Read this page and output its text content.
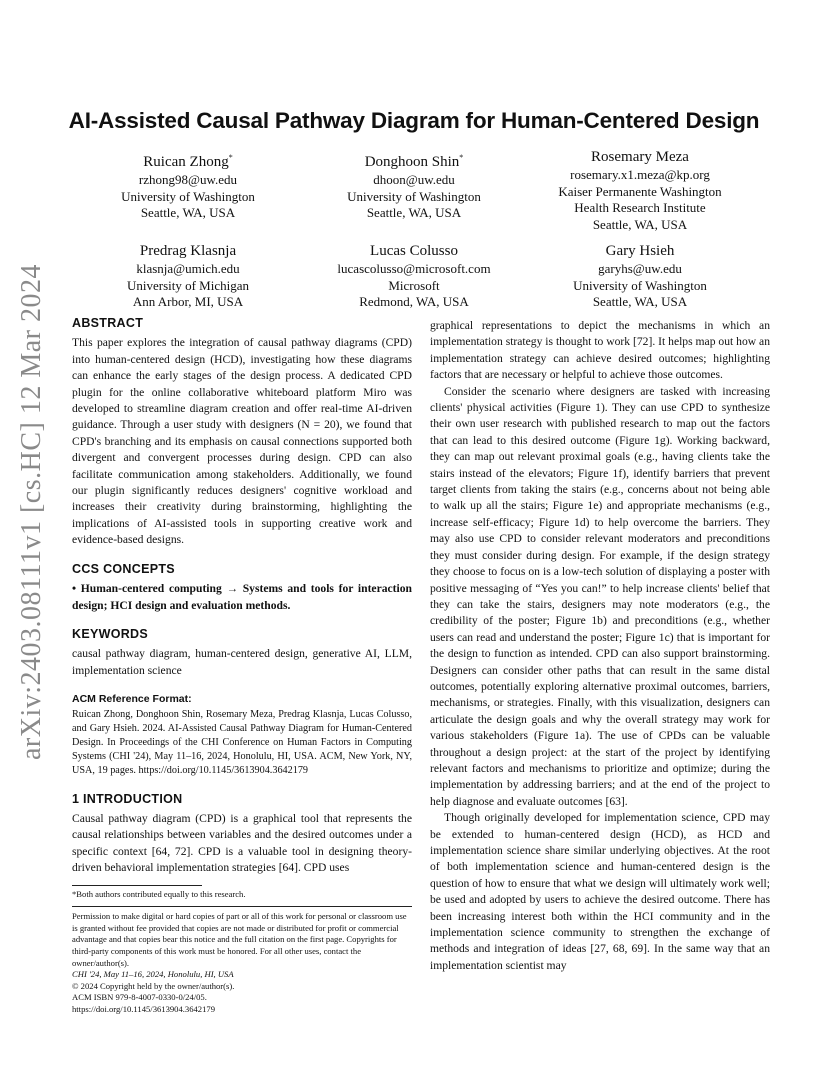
arXiv:2403.08111v1 [cs.HC] 12 Mar 2024
AI-Assisted Causal Pathway Diagram for Human-Centered Design
Ruican Zhong*
rzhong98@uw.edu
University of Washington
Seattle, WA, USA
Donghoon Shin*
dhoon@uw.edu
University of Washington
Seattle, WA, USA
Rosemary Meza
rosemary.x1.meza@kp.org
Kaiser Permanente Washington
Health Research Institute
Seattle, WA, USA
Predrag Klasnja
klasnja@umich.edu
University of Michigan
Ann Arbor, MI, USA
Lucas Colusso
lucascolusso@microsoft.com
Microsoft
Redmond, WA, USA
Gary Hsieh
garyhs@uw.edu
University of Washington
Seattle, WA, USA
ABSTRACT

This paper explores the integration of causal pathway diagrams (CPD) into human-centered design (HCD), investigating how these diagrams can enhance the early stages of the design process. A dedicated CPD plugin for the online collaborative whiteboard platform Miro was developed to streamline diagram creation and offer real-time AI-driven guidance. Through a user study with designers (N = 20), we found that CPD's branching and its emphasis on causal connections supported both divergent and convergent processes during design. CPD can also facilitate communication among stakeholders. Additionally, we found our plugin significantly reduces designers' cognitive workload and increases their creativity during brainstorming, highlighting the implications of AI-assisted tools in supporting creative work and evidence-based designs.

CCS CONCEPTS

• Human-centered computing → Systems and tools for interaction design; HCI design and evaluation methods.

KEYWORDS

causal pathway diagram, human-centered design, generative AI, LLM, implementation science

ACM Reference Format:

Ruican Zhong, Donghoon Shin, Rosemary Meza, Predrag Klasnja, Lucas Colusso, and Gary Hsieh. 2024. AI-Assisted Causal Pathway Diagram for Human-Centered Design. In Proceedings of the CHI Conference on Human Factors in Computing Systems (CHI '24), May 11–16, 2024, Honolulu, HI, USA. ACM, New York, NY, USA, 19 pages. https://doi.org/10.1145/3613904.3642179

1 INTRODUCTION

Causal pathway diagram (CPD) is a graphical tool that represents the causal relationships between variables and the desired outcomes under a specific context [64, 72]. CPD is a valuable tool in designing theory-driven behavioral implementation strategies [64]. CPD uses

*Both authors contributed equally to this research.
Permission to make digital or hard copies of part or all of this work for personal or classroom use is granted without fee provided that copies are not made or distributed for profit or commercial advantage and that copies bear this notice and the full citation on the first page. Copyrights for third-party components of this work must be honored. For all other uses, contact the owner/author(s).
CHI '24, May 11–16, 2024, Honolulu, HI, USA
© 2024 Copyright held by the owner/author(s).
ACM ISBN 979-8-4007-0330-0/24/05.
https://doi.org/10.1145/3613904.3642179

graphical representations to depict the mechanisms in which an implementation strategy is thought to work [72]. It helps map out how an implementation strategy can achieve desired outcomes; highlighting factors that are necessary or helpful to achieve those outcomes.

Consider the scenario where designers are tasked with increasing clients' physical activities (Figure 1). They can use CPD to synthesize their own user research with published research to map out the factors that can lead to this desired outcome (Figure 1g). Working backward, they can map out relevant proximal goals (e.g., having clients take the stairs instead of the elevators; Figure 1f), identify barriers that prevent target clients from taking the stairs (e.g., concerns about not being able to walk up all the stairs; Figure 1e) and appropriate mechanisms (e.g., increase self-efficacy; Figure 1d) to help overcome the barriers. They may also use CPD to consider relevant moderators and preconditions they must consider during design. For example, if the design strategy they choose to focus on is a low-tech solution of displaying a poster with positive messaging of “Yes you can!” to help increase clients' belief that they can take the stairs, designers may note moderators (e.g., the credibility of the poster; Figure 1b) and preconditions (e.g., whether users can read and understand the poster; Figure 1c) that is important for the design to function as intended. CPD can also support brainstorming. Designers can consider other paths that can result in the same distal outcomes, potentially exploring alternative proximal outcomes, barriers, mechanisms, or strategies. Finally, with this visualization, designers can articulate the design goals and why the overall strategy may work for various stakeholders (Figure 1a). The use of CPDs can be valuable throughout a design project: at the start of the project by identifying relevant factors and mechanisms to prioritize and optimize; during the implementation by addressing barriers; and at the end of the project to help diagnose and evaluate outcomes [63].

Though originally developed for implementation science, CPD may be extended to human-centered design (HCD), as HCD and implementation science share similar underlying objectives. At the root of both implementation science and human-centered design is the question of how to ensure that what we design will ultimately work well; be used and adopted by users to achieve the desired outcome. There has been increasing interest both within the HCI community and in the implementation science community to strengthen the exchange of methods and integration of ideas [27, 68, 69]. In the same way that an implementation scientist may
